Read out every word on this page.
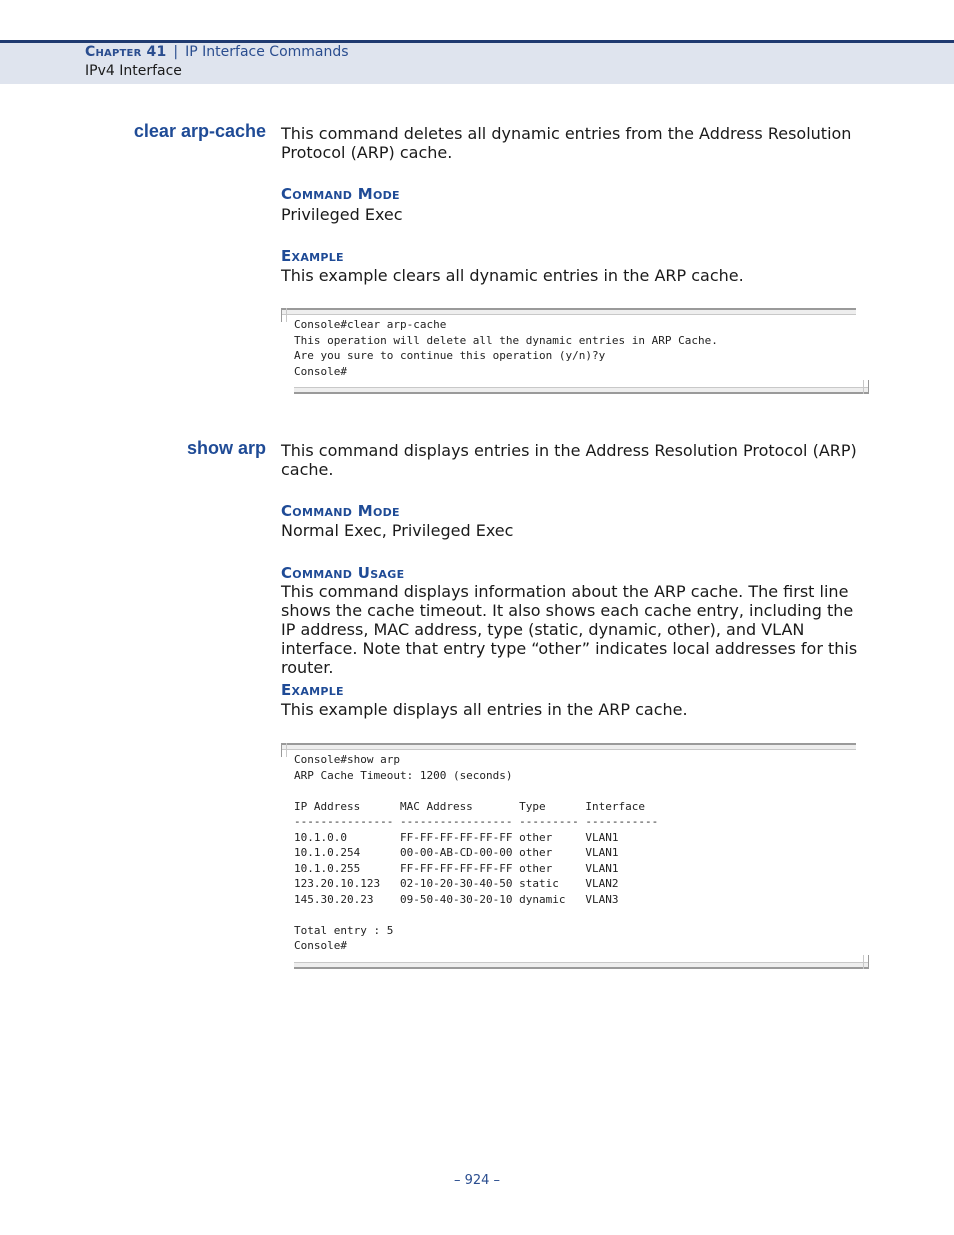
Chapter 41 | IP Interface Commands
IPv4 Interface
clear arp-cache This command deletes all dynamic entries from the Address Resolution Protocol (ARP) cache.
Command Mode
Privileged Exec
Example
This example clears all dynamic entries in the ARP cache.
Console#clear arp-cache
This operation will delete all the dynamic entries in ARP Cache.
Are you sure to continue this operation (y/n)?y
Console#
show arp This command displays entries in the Address Resolution Protocol (ARP) cache.
Command Mode
Normal Exec, Privileged Exec
Command Usage
This command displays information about the ARP cache. The first line shows the cache timeout. It also shows each cache entry, including the IP address, MAC address, type (static, dynamic, other), and VLAN interface. Note that entry type “other” indicates local addresses for this router.
Example
This example displays all entries in the ARP cache.
Console#show arp
ARP Cache Timeout: 1200 (seconds)

IP Address      MAC Address       Type      Interface
--------------- ----------------- --------- -----------
10.1.0.0        FF-FF-FF-FF-FF-FF other     VLAN1
10.1.0.254      00-00-AB-CD-00-00 other     VLAN1
10.1.0.255      FF-FF-FF-FF-FF-FF other     VLAN1
123.20.10.123   02-10-20-30-40-50 static    VLAN2
145.30.20.23    09-50-40-30-20-10 dynamic   VLAN3

Total entry : 5
Console#
– 924 –
